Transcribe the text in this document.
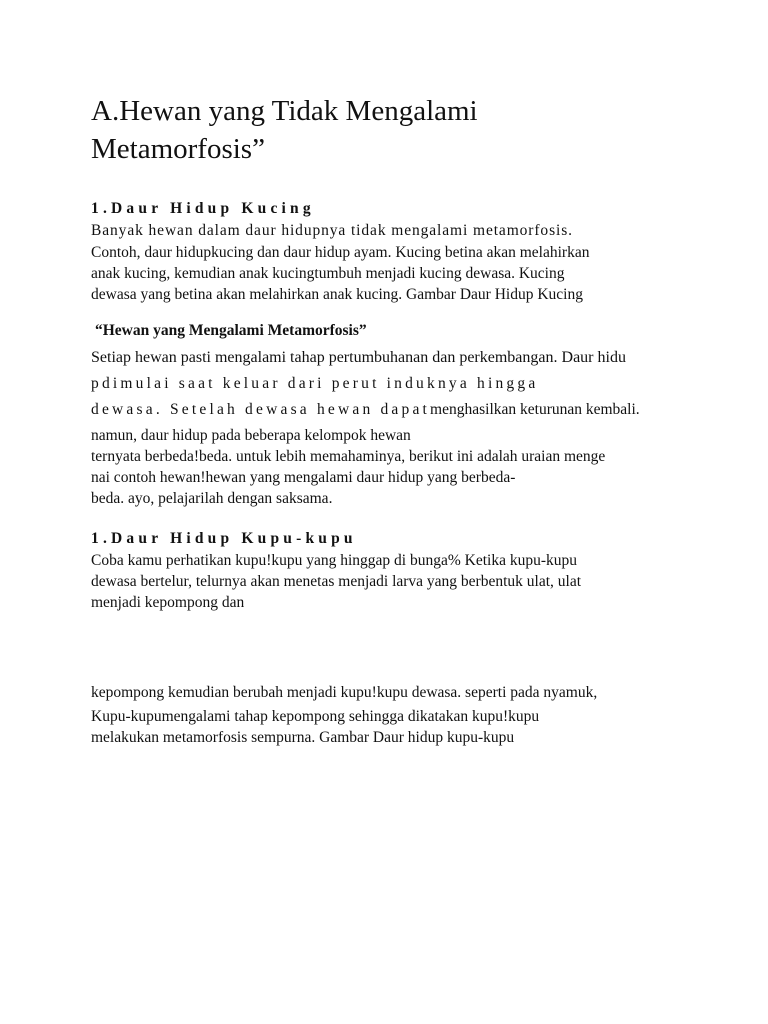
A.Hewan yang Tidak Mengalami
Metamorfosis”
1.Daur Hidup Kucing

Banyak hewan dalam daur hidupnya tidak mengalami metamorfosis.

Contoh, daur hidupkucing dan daur hidup ayam. Kucing betina akan melahirkan

anak kucing, kemudian anak kucingtumbuh menjadi kucing dewasa. Kucing

dewasa yang betina akan melahirkan anak kucing. Gambar Daur Hidup Kucing

“Hewan yang Mengalami Metamorfosis”

Setiap hewan pasti mengalami tahap pertumbuhanan dan perkembangan. Daur hidu

pdimulai saat keluar dari perut induknya hingga

dewasa. Setelah dewasa hewan dapatmenghasilkan keturunan kembali.

namun, daur hidup pada beberapa kelompok hewan

ternyata berbeda!beda. untuk lebih memahaminya, berikut ini adalah uraian menge

nai contoh hewan!hewan yang mengalami daur hidup yang berbeda-

beda. ayo, pelajarilah dengan saksama.

1.Daur Hidup Kupu-kupu

Coba kamu perhatikan kupu!kupu yang hinggap di bunga% Ketika kupu-kupu

dewasa bertelur, telurnya akan menetas menjadi larva yang berbentuk ulat, ulat

menjadi kepompong dan

kepompong kemudian berubah menjadi kupu!kupu dewasa. seperti pada nyamuk,

Kupu-kupumengalami tahap kepompong sehingga dikatakan kupu!kupu

melakukan metamorfosis sempurna. Gambar Daur hidup kupu-kupu
